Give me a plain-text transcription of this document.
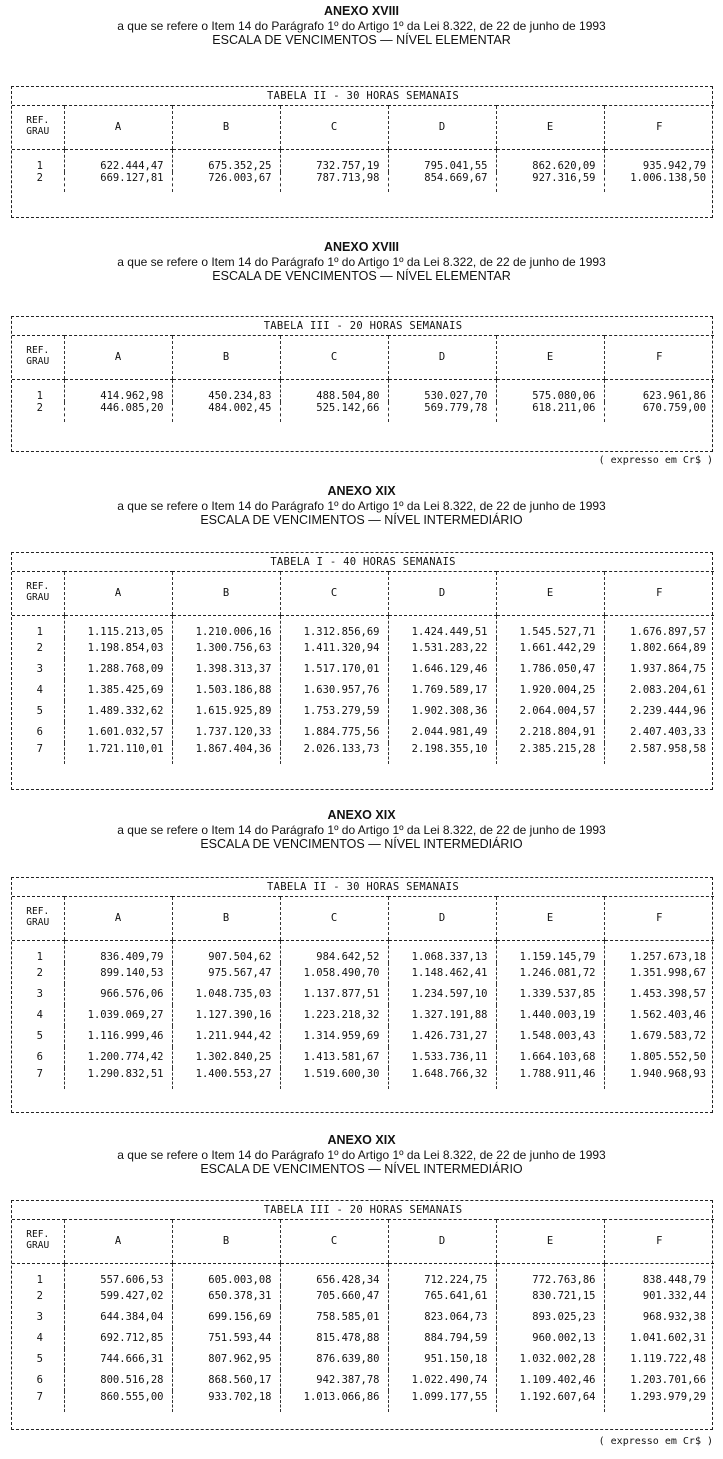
ANEXO XVIII
a que se refere o Item 14 do Parágrafo 1º do Artigo 1º da Lei 8.322, de 22 de junho de 1993
ESCALA DE VENCIMENTOS — NÍVEL ELEMENTAR
TABELA II - 30 HORAS SEMANAIS						

REF.
GRAU	A	B	C	D	E	F
1	622.444,47	675.352,25	732.757,19	795.041,55	862.620,09	935.942,79
2	669.127,81	726.003,67	787.713,98	854.669,67	927.316,59	1.006.138,50
ANEXO XVIII
a que se refere o Item 14 do Parágrafo 1º do Artigo 1º da Lei 8.322, de 22 de junho de 1993
ESCALA DE VENCIMENTOS — NÍVEL ELEMENTAR
TABELA III - 20 HORAS SEMANAIS						

REF.
GRAU	A	B	C	D	E	F
1	414.962,98	450.234,83	488.504,80	530.027,70	575.080,06	623.961,86
2	446.085,20	484.002,45	525.142,66	569.779,78	618.211,06	670.759,00
( expresso em Cr$ )
ANEXO XIX
a que se refere o Item 14 do Parágrafo 1º do Artigo 1º da Lei 8.322, de 22 de junho de 1993
ESCALA DE VENCIMENTOS — NÍVEL INTERMEDIÁRIO
TABELA I - 40 HORAS SEMANAIS						

REF.
GRAU	A	B	C	D	E	F
1	1.115.213,05	1.210.006,16	1.312.856,69	1.424.449,51	1.545.527,71	1.676.897,57
2	1.198.854,03	1.300.756,63	1.411.320,94	1.531.283,22	1.661.442,29	1.802.664,89
3	1.288.768,09	1.398.313,37	1.517.170,01	1.646.129,46	1.786.050,47	1.937.864,75
4	1.385.425,69	1.503.186,88	1.630.957,76	1.769.589,17	1.920.004,25	2.083.204,61
5	1.489.332,62	1.615.925,89	1.753.279,59	1.902.308,36	2.064.004,57	2.239.444,96
6	1.601.032,57	1.737.120,33	1.884.775,56	2.044.981,49	2.218.804,91	2.407.403,33
7	1.721.110,01	1.867.404,36	2.026.133,73	2.198.355,10	2.385.215,28	2.587.958,58
ANEXO XIX
a que se refere o Item 14 do Parágrafo 1º do Artigo 1º da Lei 8.322, de 22 de junho de 1993
ESCALA DE VENCIMENTOS — NÍVEL INTERMEDIÁRIO
TABELA II - 30 HORAS SEMANAIS						

REF.
GRAU	A	B	C	D	E	F
1	836.409,79	907.504,62	984.642,52	1.068.337,13	1.159.145,79	1.257.673,18
2	899.140,53	975.567,47	1.058.490,70	1.148.462,41	1.246.081,72	1.351.998,67
3	966.576,06	1.048.735,03	1.137.877,51	1.234.597,10	1.339.537,85	1.453.398,57
4	1.039.069,27	1.127.390,16	1.223.218,32	1.327.191,88	1.440.003,19	1.562.403,46
5	1.116.999,46	1.211.944,42	1.314.959,69	1.426.731,27	1.548.003,43	1.679.583,72
6	1.200.774,42	1.302.840,25	1.413.581,67	1.533.736,11	1.664.103,68	1.805.552,50
7	1.290.832,51	1.400.553,27	1.519.600,30	1.648.766,32	1.788.911,46	1.940.968,93
ANEXO XIX
a que se refere o Item 14 do Parágrafo 1º do Artigo 1º da Lei 8.322, de 22 de junho de 1993
ESCALA DE VENCIMENTOS — NÍVEL INTERMEDIÁRIO
TABELA III - 20 HORAS SEMANAIS						

REF.
GRAU	A	B	C	D	E	F
1	557.606,53	605.003,08	656.428,34	712.224,75	772.763,86	838.448,79
2	599.427,02	650.378,31	705.660,47	765.641,61	830.721,15	901.332,44
3	644.384,04	699.156,69	758.585,01	823.064,73	893.025,23	968.932,38
4	692.712,85	751.593,44	815.478,88	884.794,59	960.002,13	1.041.602,31
5	744.666,31	807.962,95	876.639,80	951.150,18	1.032.002,28	1.119.722,48
6	800.516,28	868.560,17	942.387,78	1.022.490,74	1.109.402,46	1.203.701,66
7	860.555,00	933.702,18	1.013.066,86	1.099.177,55	1.192.607,64	1.293.979,29
( expresso em Cr$ )
